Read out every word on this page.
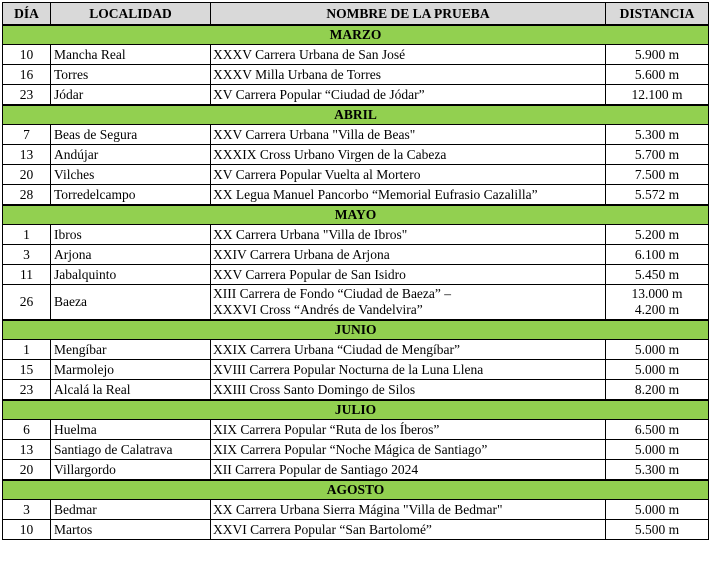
DÍA	LOCALIDAD	NOMBRE DE LA PRUEBA	DISTANCIA
MARZO			
10	Mancha Real	XXXV Carrera Urbana de San José	5.900 m

16	Torres	XXXV Milla Urbana de Torres	5.600 m

23	Jódar	XV Carrera Popular “Ciudad de Jódar”	12.100 m

ABRIL			
7	Beas de Segura	XXV Carrera Urbana "Villa de Beas"	5.300 m

13	Andújar	XXXIX Cross Urbano Virgen de la Cabeza	5.700 m

20	Vilches	XV Carrera Popular Vuelta al Mortero	7.500 m

28	Torredelcampo	XX Legua Manuel Pancorbo “Memorial Eufrasio Cazalilla”	5.572 m

MAYO			
1	Ibros	XX Carrera Urbana "Villa de Ibros"	5.200 m

3	Arjona	XXIV Carrera Urbana de Arjona	6.100 m

11	Jabalquinto	XXV Carrera Popular de San Isidro	5.450 m

26	Baeza	XIII Carrera de Fondo “Ciudad de Baeza” –
XXXVI Cross “Andrés de Vandelvira”	13.000 m
4.200 m

JUNIO			
1	Mengíbar	XXIX Carrera Urbana “Ciudad de Mengíbar”	5.000 m

15	Marmolejo	XVIII Carrera Popular Nocturna de la Luna Llena	5.000 m

23	Alcalá la Real	XXIII Cross Santo Domingo de Silos	8.200 m

JULIO			
6	Huelma	XIX Carrera Popular “Ruta de los Íberos”	6.500 m

13	Santiago de Calatrava	XIX Carrera Popular “Noche Mágica de Santiago”	5.000 m

20	Villargordo	XII Carrera Popular de Santiago 2024	5.300 m

AGOSTO			
3	Bedmar	XX Carrera Urbana Sierra Mágina "Villa de Bedmar"	5.000 m

10	Martos	XXVI Carrera Popular “San Bartolomé”	5.500 m
